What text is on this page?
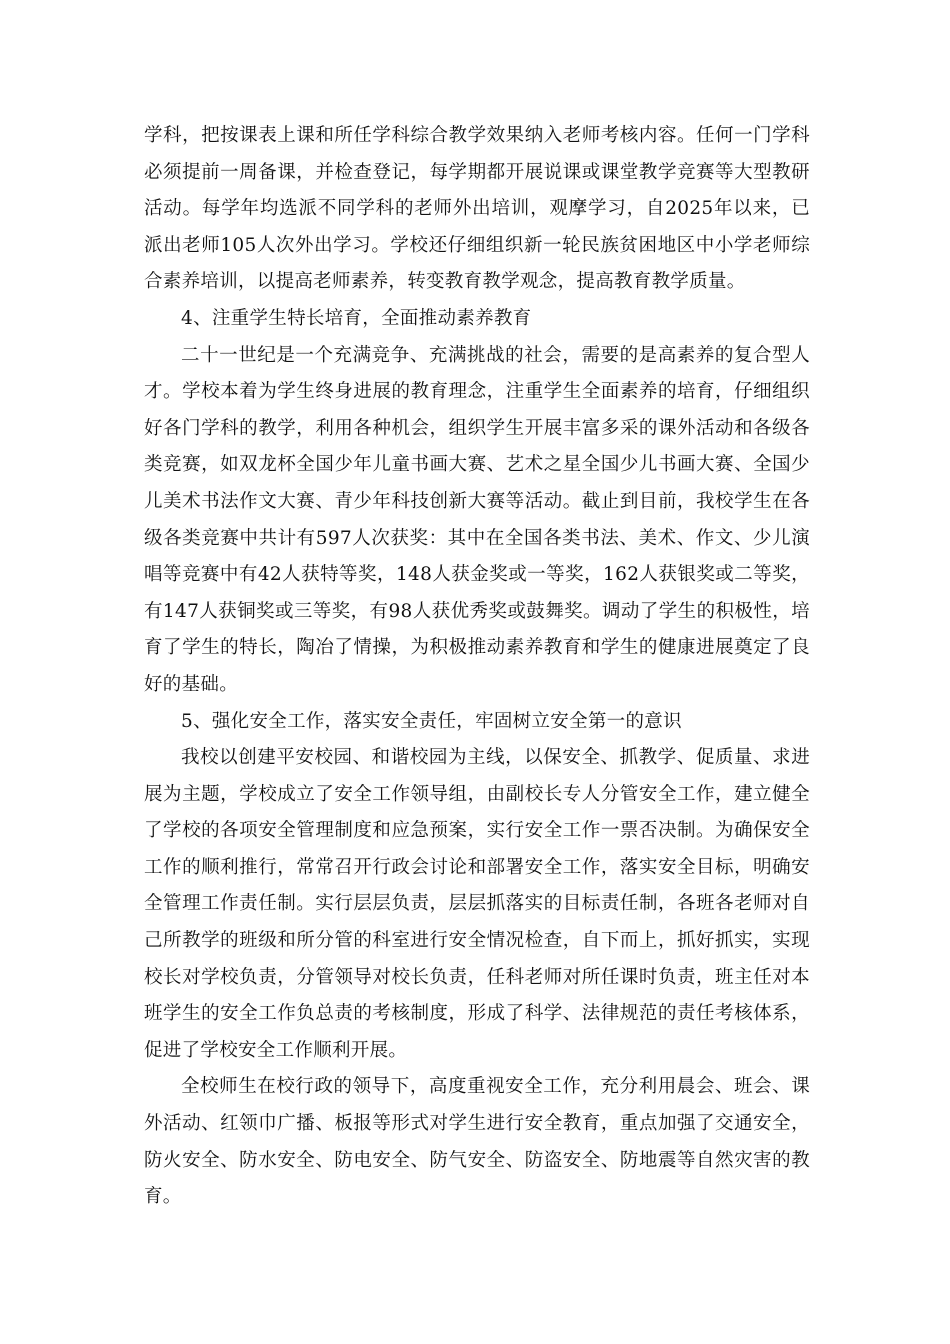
学科，把按课表上课和所任学科综合教学效果纳入老师考核内容。任何一门学科必须提前一周备课，并检查登记，每学期都开展说课或课堂教学竞赛等大型教研活动。每学年均选派不同学科的老师外出培训，观摩学习，自2025年以来，已派出老师105人次外出学习。学校还仔细组织新一轮民族贫困地区中小学老师综合素养培训，以提高老师素养，转变教育教学观念，提高教育教学质量。

4、注重学生特长培育，全面推动素养教育

二十一世纪是一个充满竞争、充满挑战的社会，需要的是高素养的复合型人才。学校本着为学生终身进展的教育理念，注重学生全面素养的培育，仔细组织好各门学科的教学，利用各种机会，组织学生开展丰富多采的课外活动和各级各类竞赛，如双龙杯全国少年儿童书画大赛、艺术之星全国少儿书画大赛、全国少儿美术书法作文大赛、青少年科技创新大赛等活动。截止到目前，我校学生在各级各类竞赛中共计有597人次获奖：其中在全国各类书法、美术、作文、少儿演唱等竞赛中有42人获特等奖，148人获金奖或一等奖，162人获银奖或二等奖，有147人获铜奖或三等奖，有98人获优秀奖或鼓舞奖。调动了学生的积极性，培育了学生的特长，陶冶了情操，为积极推动素养教育和学生的健康进展奠定了良好的基础。

5、强化安全工作，落实安全责任，牢固树立安全第一的意识

我校以创建平安校园、和谐校园为主线，以保安全、抓教学、促质量、求进展为主题，学校成立了安全工作领导组，由副校长专人分管安全工作，建立健全了学校的各项安全管理制度和应急预案，实行安全工作一票否决制。为确保安全工作的顺利推行，常常召开行政会讨论和部署安全工作，落实安全目标，明确安全管理工作责任制。实行层层负责，层层抓落实的目标责任制，各班各老师对自己所教学的班级和所分管的科室进行安全情况检查，自下而上，抓好抓实，实现校长对学校负责，分管领导对校长负责，任科老师对所任课时负责，班主任对本班学生的安全工作负总责的考核制度，形成了科学、法律规范的责任考核体系，促进了学校安全工作顺利开展。

全校师生在校行政的领导下，高度重视安全工作，充分利用晨会、班会、课外活动、红领巾广播、板报等形式对学生进行安全教育，重点加强了交通安全，防火安全、防水安全、防电安全、防气安全、防盗安全、防地震等自然灾害的教育。
